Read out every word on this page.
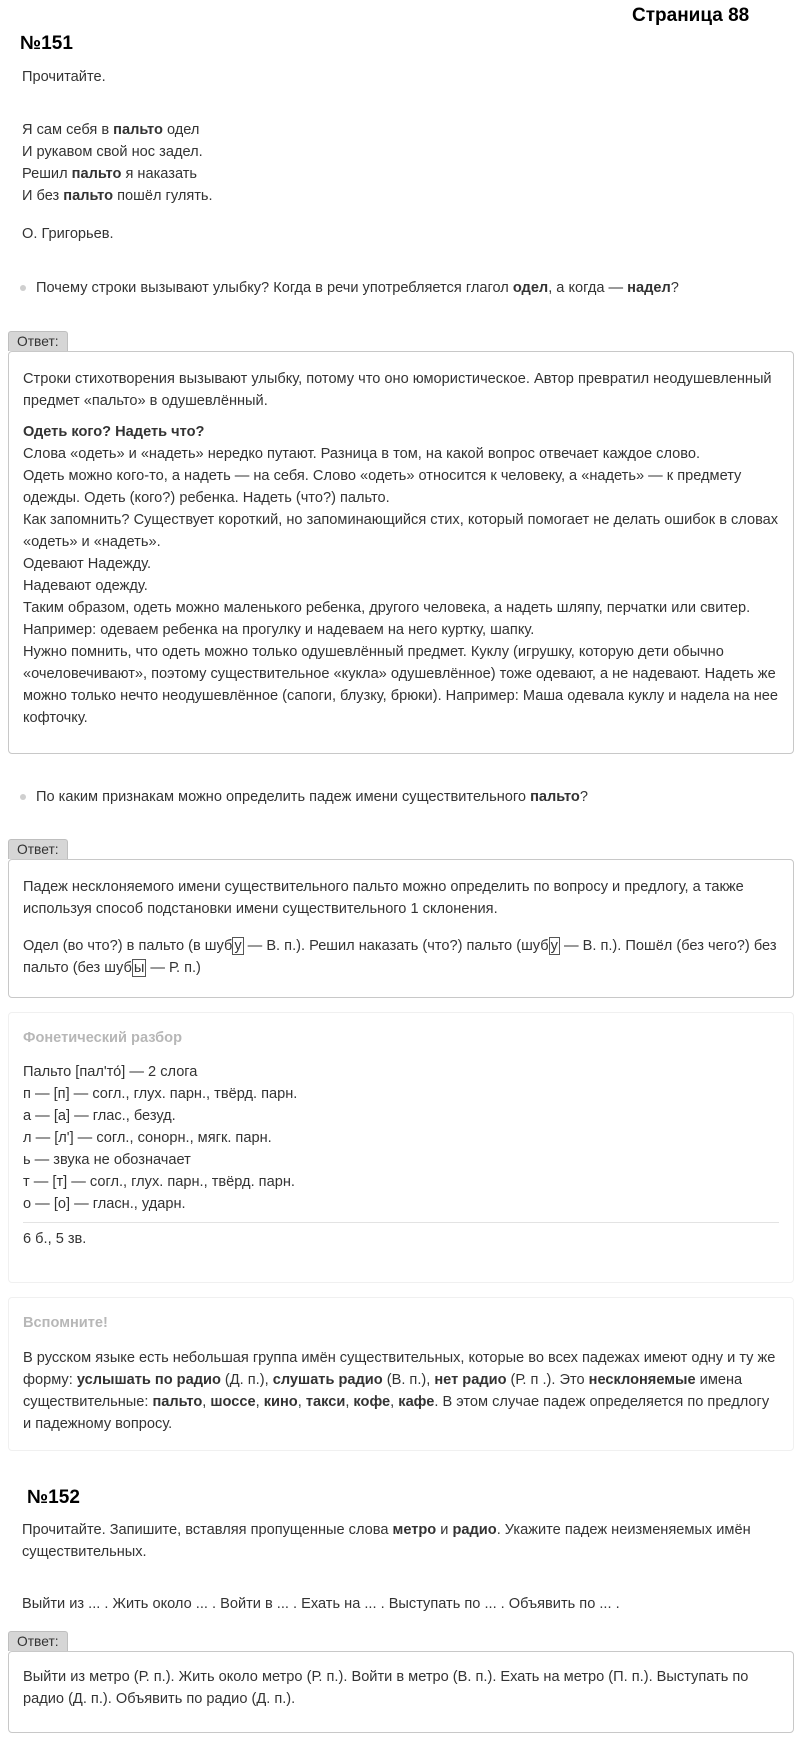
Страница 88
№151
Прочитайте.

Я сам себя в пальто одел

И рукавом свой нос задел.

Решил пальто я наказать

И без пальто пошёл гулять.

О. Григорьев.
Почему строки вызывают улыбку? Когда в речи употребляется глагол одел, а когда — надел?
Ответ:

Строки стихотворения вызывают улыбку, потому что оно юмористическое. Автор превратил неодушевленный предмет «пальто» в одушевлённый.

Одеть кого? Надеть что?

Слова «одеть» и «надеть» нередко путают. Разница в том, на какой вопрос отвечает каждое слово.

Одеть можно кого-то, а надеть — на себя. Слово «одеть» относится к человеку, а «надеть» — к предмету одежды. Одеть (кого?) ребенка. Надеть (что?) пальто.

Как запомнить? Существует короткий, но запоминающийся стих, который помогает не делать ошибок в словах «одеть» и «надеть».

Одевают Надежду.

Надевают одежду.

Таким образом, одеть можно маленького ребенка, другого человека, а надеть шляпу, перчатки или свитер. Например: одеваем ребенка на прогулку и надеваем на него куртку, шапку.

Нужно помнить, что одеть можно только одушевлённый предмет. Куклу (игрушку, которую дети обычно «очеловечивают», поэтому существительное «кукла» одушевлённое) тоже одевают, а не надевают. Надеть же можно только нечто неодушевлённое (сапоги, блузку, брюки). Например: Маша одевала куклу и надела на нее кофточку.

По каким признакам можно определить падеж имени существительного пальто?
Ответ:

Падеж несклоняемого имени существительного пальто можно определить по вопросу и предлогу, а также используя способ подстановки имени существительного 1 склонения.

Одел (во что?) в пальто (в шуб у — В. п.). Решил наказать (что?) пальто (шуб у — В. п.). Пошёл (без чего?) без пальто (без шуб ы — Р. п.)

Фонетический разбор

Пальто [пал'то́] — 2 слога

п — [п] — согл., глух. парн., твёрд. парн.

а — [а] — глас., безуд.

л — [л'] — согл., сонорн., мягк. парн.

ь — звука не обозначает

т — [т] — согл., глух. парн., твёрд. парн.

о — [о] — гласн., ударн.

6 б., 5 зв.

Вспомните!

В русском языке есть небольшая группа имён существительных, которые во всех падежах имеют одну и ту же форму: услышать по радио (Д. п.), слушать радио (В. п.), нет радио (Р. п .). Это несклоняемые имена существительные: пальто, шоссе, кино, такси, кофе, кафе. В этом случае падеж определяется по предлогу и падежному вопросу.

№152
Прочитайте. Запишите, вставляя пропущенные слова метро и радио. Укажите падеж неизменяемых имён существительных.
Выйти из ... . Жить около ... . Войти в ... . Ехать на ... . Выступать по ... . Объявить по ... .
Ответ:

Выйти из метро (Р. п.). Жить около метро (Р. п.). Войти в метро (В. п.). Ехать на метро (П. п.). Выступать по радио (Д. п.). Объявить по радио (Д. п.).
